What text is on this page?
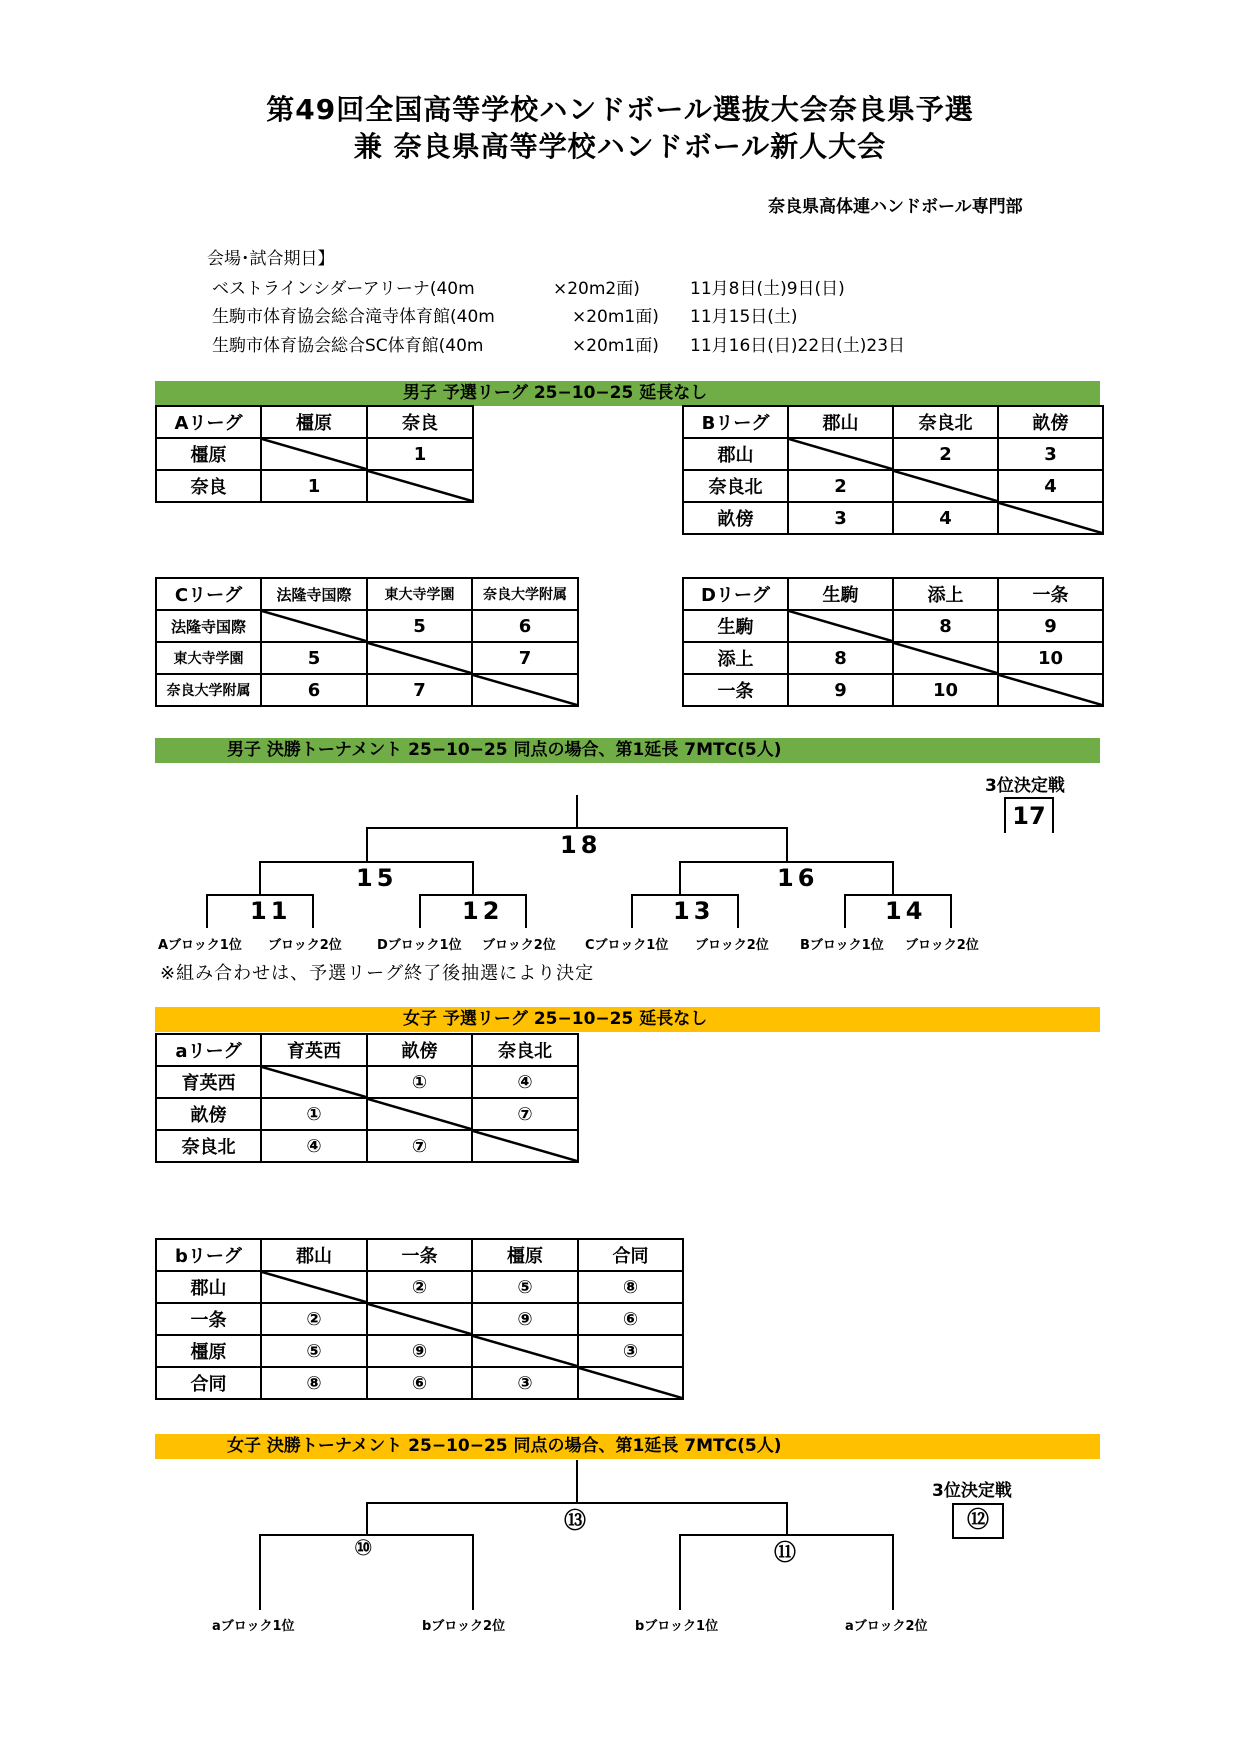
第49回全国高等学校ハンドボール選抜大会奈良県予選
兼 奈良県高等学校ハンドボール新人大会
奈良県高体連ハンドボール専門部
会場･試合期日】
ベストラインシダーアリーナ(40m	×20m2面)	11月8日(土)9日(日)
生駒市体育協会総合滝寺体育館(40m	×20m1面) 11月15日(土)
生駒市体育協会総合SC体育館(40m	×20m1面) 11月16日(日)22日(土)23日
男子 予選リーグ 25−10−25 延長なし
Aリーグ	橿原	奈良
橿原		1
奈良	1	
Bリーグ	郡山	奈良北	畝傍
郡山		2	3
奈良北	2		4
畝傍	3	4	
Cリーグ	法隆寺国際	東大寺学園	奈良大学附属
法隆寺国際		5	6
東大寺学園	5		7
奈良大学附属	6	7	
Dリーグ	生駒	添上	一条
生駒		8	9
添上	8		10
一条	9	10	
男子 決勝トーナメント 25−10−25 同点の場合、第1延長 7MTC(5人)
18
15	16
11	12	13	14
Aブロック1位 ブロック2位	Dブロック1位 ブロック2位 Cブロック1位 ブロック2位 Bブロック1位 ブロック2位
3位決定戦
17
※組み合わせは、予選リーグ終了後抽選により決定
女子 予選リーグ 25−10−25 延長なし
aリーグ	育英西	畝傍	奈良北
育英西		①	④
畝傍	①		⑦
奈良北	④	⑦	
bリーグ	郡山	一条	橿原	合同
郡山		②	⑤	⑧
一条	②		⑨	⑥
橿原	⑤	⑨		③
合同	⑧	⑥	③	
女子 決勝トーナメント 25−10−25 同点の場合、第1延長 7MTC(5人)
⑬
⑩	⑪
aブロック1位	bブロック2位	bブロック1位	aブロック2位
3位決定戦
⑫
